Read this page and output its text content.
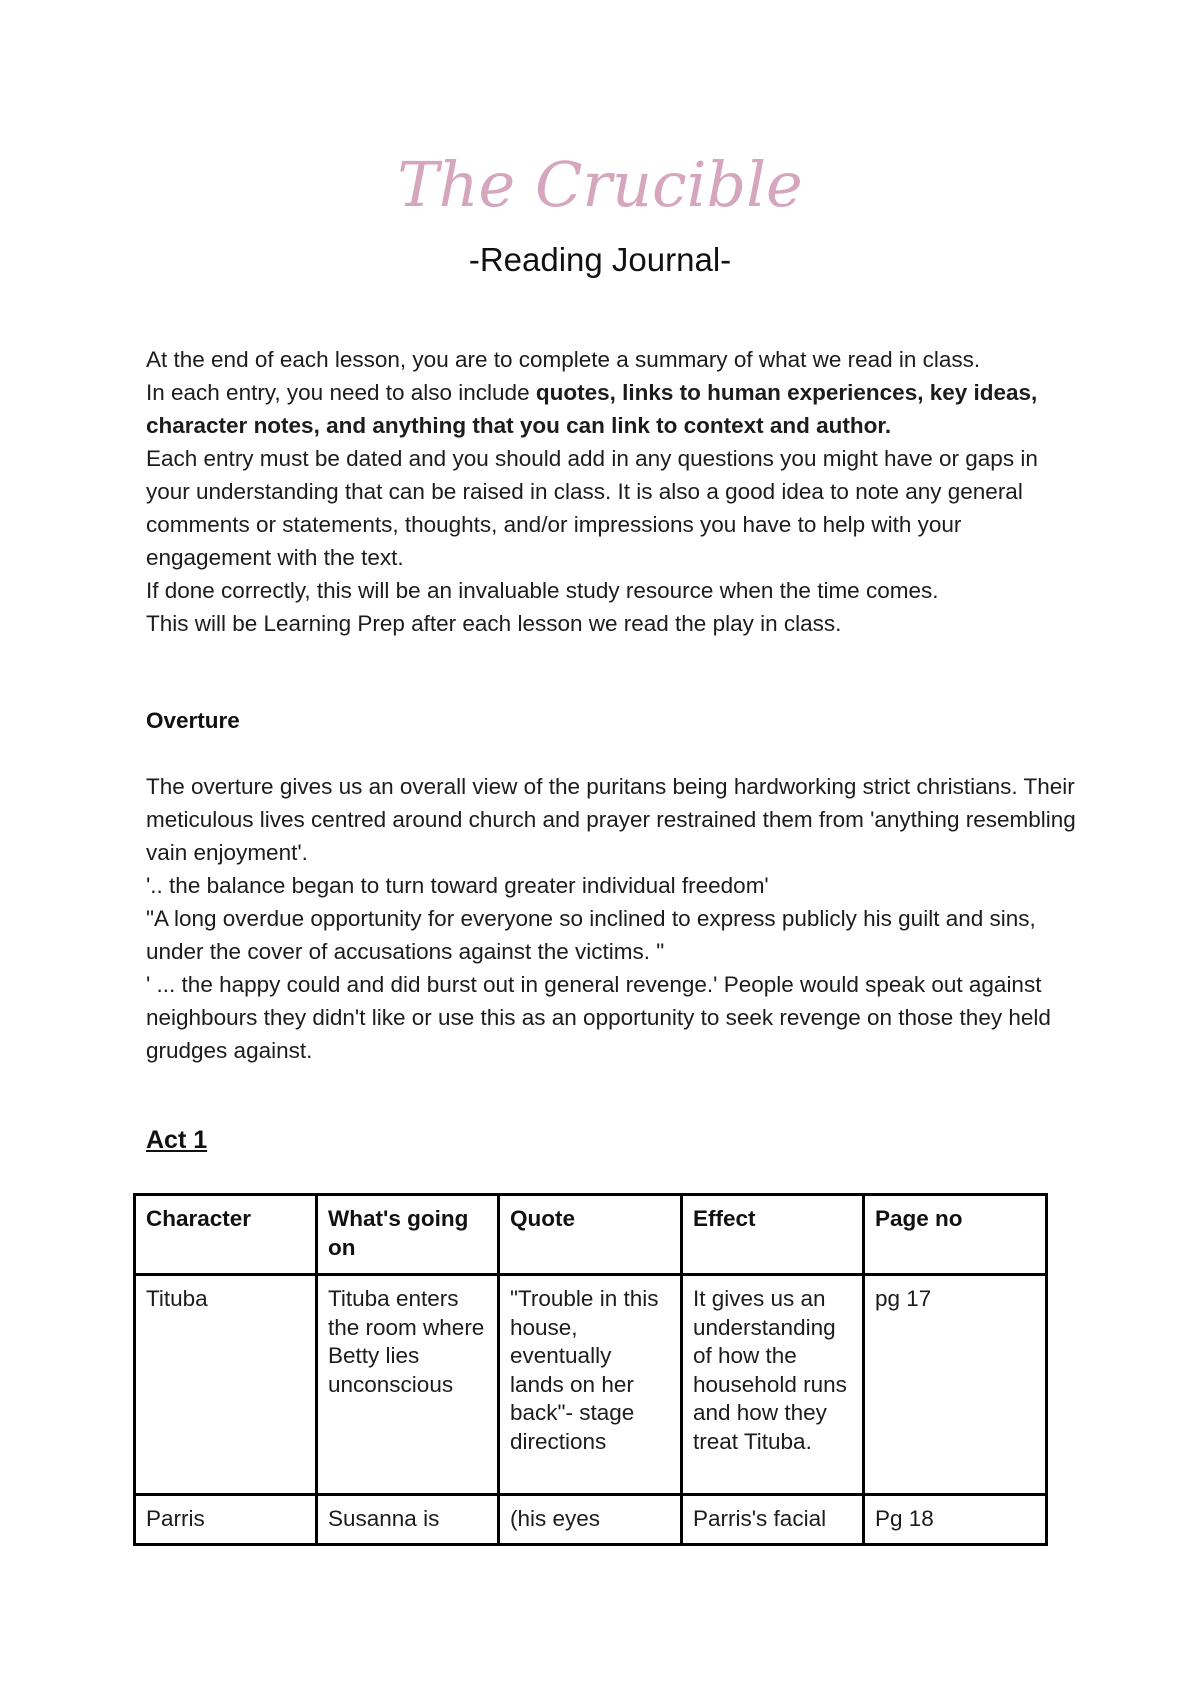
The Crucible
-Reading Journal-

At the end of each lesson, you are to complete a summary of what we read in class.

In each entry, you need to also include quotes, links to human experiences, key ideas, character notes, and anything that you can link to context and author.

Each entry must be dated and you should add in any questions you might have or gaps in your understanding that can be raised in class. It is also a good idea to note any general comments or statements, thoughts, and/or impressions you have to help with your engagement with the text.

If done correctly, this will be an invaluable study resource when the time comes.

This will be Learning Prep after each lesson we read the play in class.

Overture

The overture gives us an overall view of the puritans being hardworking strict christians. Their meticulous lives centred around church and prayer restrained them from 'anything resembling vain enjoyment'.

'.. the balance began to turn toward greater individual freedom'

"A long overdue opportunity for everyone so inclined to express publicly his guilt and sins, under the cover of accusations against the victims. "

' ... the happy could and did burst out in general revenge.' People would speak out against neighbours they didn't like or use this as an opportunity to seek revenge on those they held grudges against.

Act 1
Character	What's going on	Quote	Effect	Page no
Tituba	Tituba enters the room where Betty lies unconscious	"Trouble in this house, eventually lands on her back"- stage directions	It gives us an understanding of how the household runs and how they treat Tituba.	pg 17
Parris	Susanna is	(his eyes	Parris's facial	Pg 18
